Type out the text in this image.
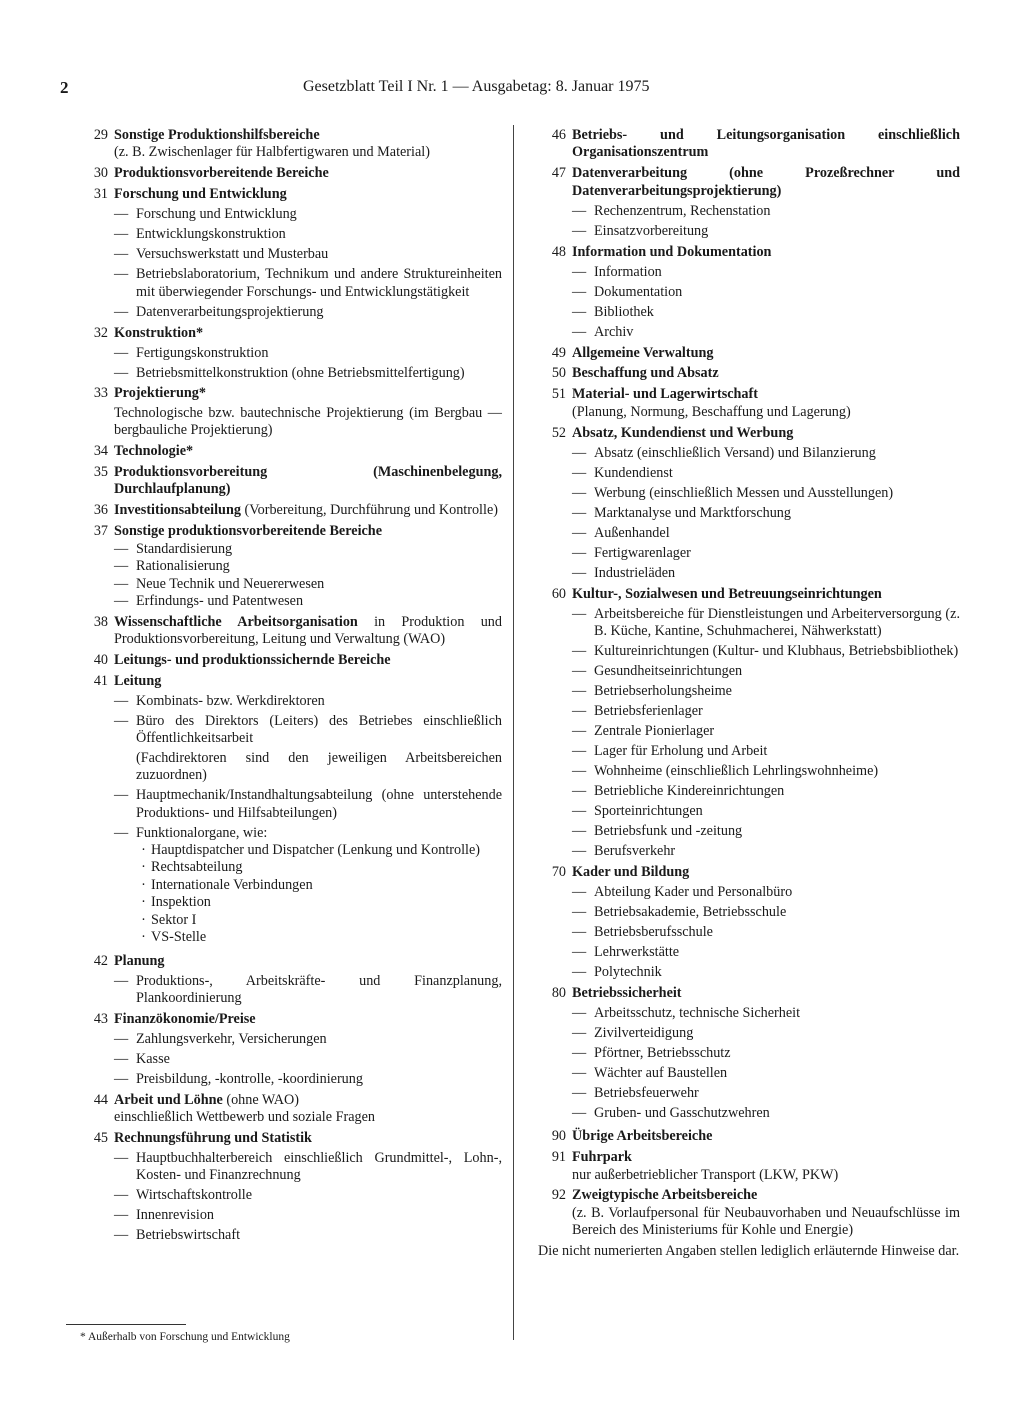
2	Gesetzblatt Teil I Nr. 1 — Ausgabetag: 8. Januar 1975
29 Sonstige Produktionshilfsbereiche
(z. B. Zwischenlager für Halbfertigwaren und Material)
30 Produktionsvorbereitende Bereiche
31 Forschung und Entwicklung
— Forschung und Entwicklung
— Entwicklungskonstruktion
— Versuchswerkstatt und Musterbau
— Betriebslaboratorium, Technikum und andere Struktureinheiten mit überwiegender Forschungs- und Entwicklungstätigkeit
— Datenverarbeitungsprojektierung
32 Konstruktion*
— Fertigungskonstruktion
— Betriebsmittelkonstruktion (ohne Betriebsmittelfertigung)
33 Projektierung*
Technologische bzw. bautechnische Projektierung (im Bergbau — bergbauliche Projektierung)
34 Technologie*
35 Produktionsvorbereitung (Maschinenbelegung, Durchlaufplanung)
36 Investitionsabteilung (Vorbereitung, Durchführung und Kontrolle)
37 Sonstige produktionsvorbereitende Bereiche
— Standardisierung
— Rationalisierung
— Neue Technik und Neuererwesen
— Erfindungs- und Patentwesen
38 Wissenschaftliche Arbeitsorganisation in Produktion und Produktionsvorbereitung, Leitung und Verwaltung (WAO)
40 Leitungs- und produktionssichernde Bereiche
41 Leitung
— Kombinats- bzw. Werkdirektoren
— Büro des Direktors (Leiters) des Betriebes einschließlich Öffentlichkeitsarbeit
(Fachdirektoren sind den jeweiligen Arbeitsbereichen zuzuordnen)
— Hauptmechanik/Instandhaltungsabteilung (ohne unterstehende Produktions- und Hilfsabteilungen)
— Funktionalorgane, wie:
· Hauptdispatcher und Dispatcher (Lenkung und Kontrolle)
· Rechtsabteilung
· Internationale Verbindungen
· Inspektion
· Sektor I
· VS-Stelle
42 Planung
— Produktions-, Arbeitskräfte- und Finanzplanung, Plankoordinierung
43 Finanzökonomie/Preise
— Zahlungsverkehr, Versicherungen
— Kasse
— Preisbildung, -kontrolle, -koordinierung
44 Arbeit und Löhne (ohne WAO)
einschließlich Wettbewerb und soziale Fragen
45 Rechnungsführung und Statistik
— Hauptbuchhalterbereich einschließlich Grundmittel-, Lohn-, Kosten- und Finanzrechnung
— Wirtschaftskontrolle
— Innenrevision
— Betriebswirtschaft
46 Betriebs- und Leitungsorganisation einschließlich Organisationszentrum
47 Datenverarbeitung (ohne Prozeßrechner und Datenverarbeitungsprojektierung)
— Rechenzentrum, Rechenstation
— Einsatzvorbereitung
48 Information und Dokumentation
— Information
— Dokumentation
— Bibliothek
— Archiv
49 Allgemeine Verwaltung
50 Beschaffung und Absatz
51 Material- und Lagerwirtschaft
(Planung, Normung, Beschaffung und Lagerung)
52 Absatz, Kundendienst und Werbung
— Absatz (einschließlich Versand) und Bilanzierung
— Kundendienst
— Werbung (einschließlich Messen und Ausstellungen)
— Marktanalyse und Marktforschung
— Außenhandel
— Fertigwarenlager
— Industrieläden
60 Kultur-, Sozialwesen und Betreuungseinrichtungen
— Arbeitsbereiche für Dienstleistungen und Arbeiterversorgung (z. B. Küche, Kantine, Schuhmacherei, Nähwerkstatt)
— Kultureinrichtungen (Kultur- und Klubhaus, Betriebsbibliothek)
— Gesundheitseinrichtungen
— Betriebserholungsheime
— Betriebsferienlager
— Zentrale Pionierlager
— Lager für Erholung und Arbeit
— Wohnheime (einschließlich Lehrlingswohnheime)
— Betriebliche Kindereinrichtungen
— Sporteinrichtungen
— Betriebsfunk und -zeitung
— Berufsverkehr
70 Kader und Bildung
— Abteilung Kader und Personalbüro
— Betriebsakademie, Betriebsschule
— Betriebsberufsschule
— Lehrwerkstätte
— Polytechnik
80 Betriebssicherheit
— Arbeitsschutz, technische Sicherheit
— Zivilverteidigung
— Pförtner, Betriebsschutz
— Wächter auf Baustellen
— Betriebsfeuerwehr
— Gruben- und Gasschutzwehren
90 Übrige Arbeitsbereiche
91 Fuhrpark
nur außerbetrieblicher Transport (LKW, PKW)
92 Zweigtypische Arbeitsbereiche
(z. B. Vorlaufpersonal für Neubauvorhaben und Neuaufschlüsse im Bereich des Ministeriums für Kohle und Energie)
Die nicht numerierten Angaben stellen lediglich erläuternde Hinweise dar.
* Außerhalb von Forschung und Entwicklung
